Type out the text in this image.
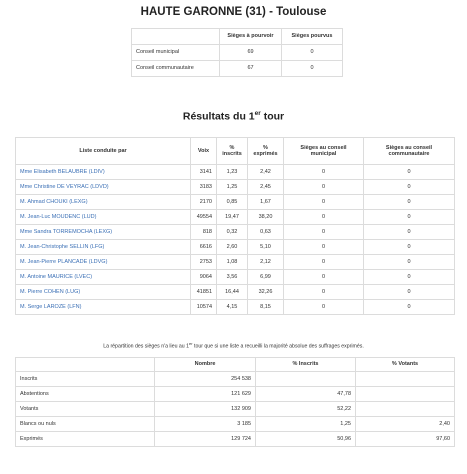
HAUTE GARONNE (31) - Toulouse
	Sièges à pourvoir	Sièges pourvus
Conseil municipal	69	0
Conseil communautaire	67	0
Résultats du 1er tour
Liste conduite par	Voix	% inscrits	% exprimés	Sièges au conseil municipal	Sièges au conseil communautaire
Mme Elisabeth BELAUBRE (LDIV)	3141	1,23	2,42	0	0
Mme Christine DE VEYRAC (LDVD)	3183	1,25	2,45	0	0
M. Ahmad CHOUKI (LEXG)	2170	0,85	1,67	0	0
M. Jean-Luc MOUDENC (LUD)	49554	19,47	38,20	0	0
Mme Sandra TORREMOCHA (LEXG)	818	0,32	0,63	0	0
M. Jean-Christophe SELLIN (LFG)	6616	2,60	5,10	0	0
M. Jean-Pierre PLANCADE (LDVG)	2753	1,08	2,12	0	0
M. Antoine MAURICE (LVEC)	9064	3,56	6,99	0	0
M. Pierre COHEN (LUG)	41851	16,44	32,26	0	0
M. Serge LAROZE (LFN)	10574	4,15	8,15	0	0
La répartition des sièges n'a lieu au 1er tour que si une liste a recueilli la majorité absolue des suffrages exprimés.
	Nombre	% Inscrits	% Votants
Inscrits	254 538		
Abstentions	121 629	47,78	
Votants	132 909	52,22	
Blancs ou nuls	3 185	1,25	2,40
Exprimés	129 724	50,96	97,60
